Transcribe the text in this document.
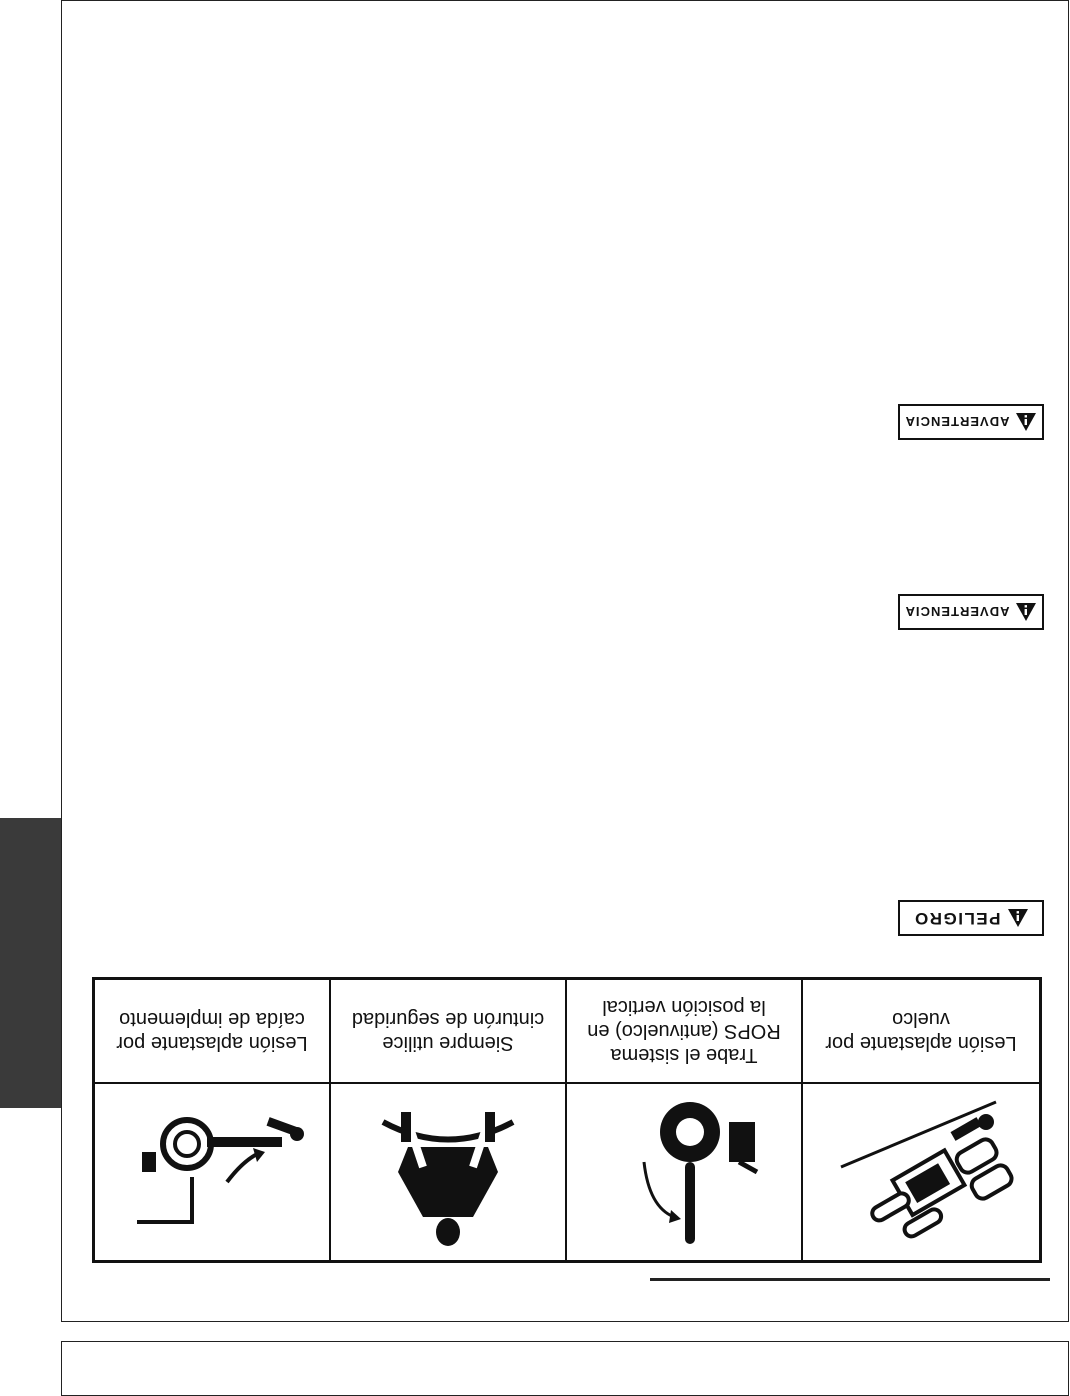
ADVERTENCIA
ADVERTENCIA
PELIGRO
Lesión aplastante por caída de implemento
Siempre utilice cinturón de seguridad
Trabe el sistema ROPS (antivuelco) en la posición vertical
Lesión aplastante por vuelco
